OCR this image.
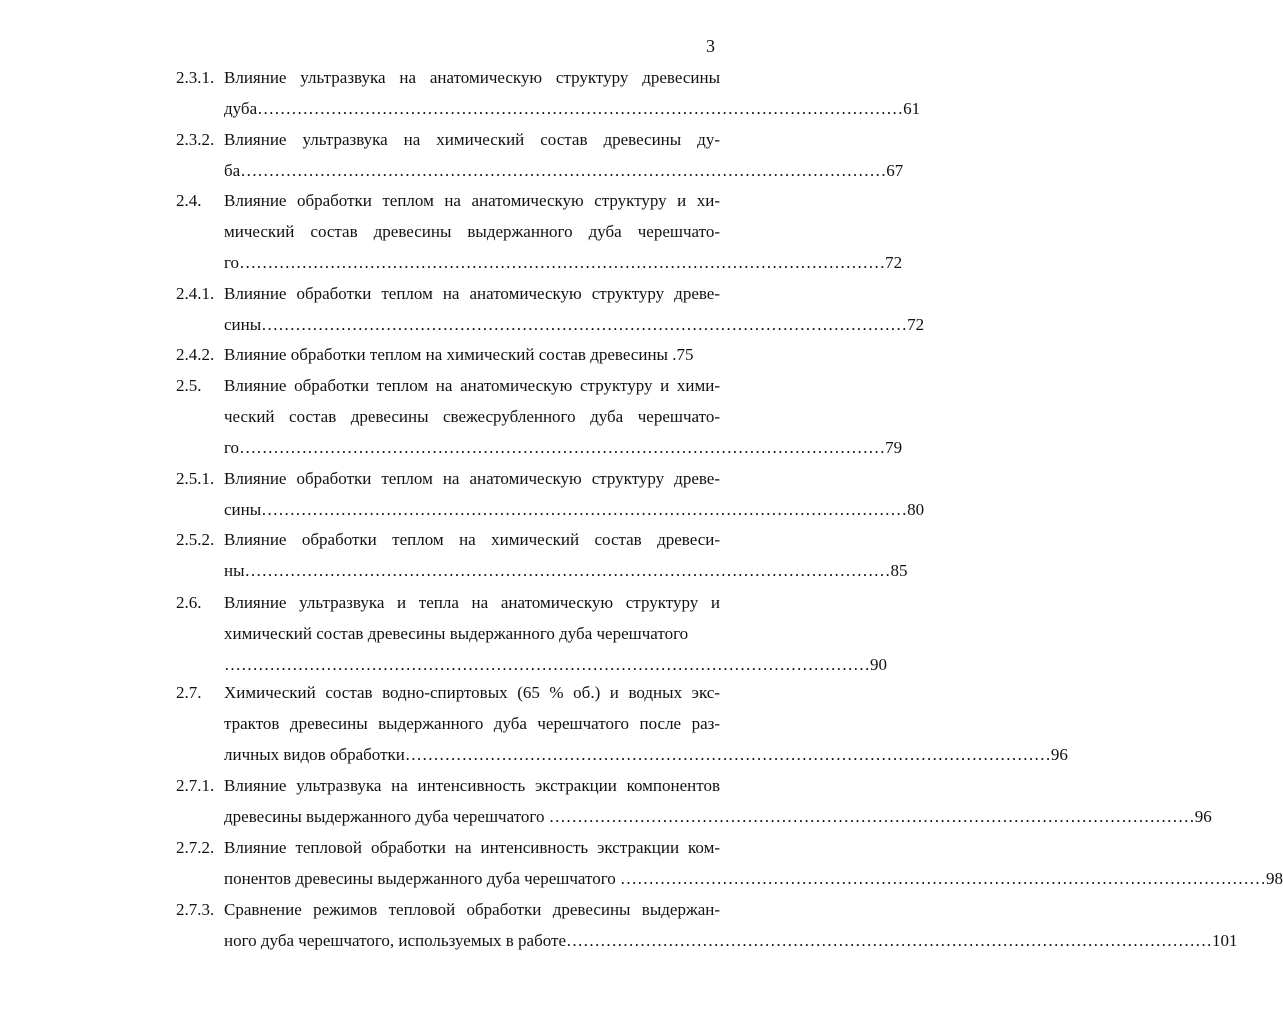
3
2.3.1. Влияние ультразвука на анатомическую структуру древесины
дуба …………………………………………………………………………………………………… 61
2.3.2. Влияние ультразвука на химический состав древесины ду-
ба …………………………………………………………………………………………………… 67
2.4. Влияние обработки теплом на анатомическую структуру и хи-
мический состав древесины выдержанного дуба черешчато-
го …………………………………………………………………………………………………… 72
2.4.1. Влияние обработки теплом на анатомическую структуру древе-
сины …………………………………………………………………………………………………… 72
2.4.2. Влияние обработки теплом на химический состав древесины . 75
2.5. Влияние обработки теплом на анатомическую структуру и хими-
ческий состав древесины свежесрубленного дуба черешчато-
го …………………………………………………………………………………………………… 79
2.5.1. Влияние обработки теплом на анатомическую структуру древе-
сины …………………………………………………………………………………………………… 80
2.5.2. Влияние обработки теплом на химический состав древеси-
ны …………………………………………………………………………………………………… 85
2.6. Влияние ультразвука и тепла на анатомическую структуру и
химический состав древесины выдержанного дуба черешчатого
…………………………………………………………………………………………………… 90
2.7. Химический состав водно-спиртовых (65 % об.) и водных экс-
трактов древесины выдержанного дуба черешчатого после раз-
личных видов обработки …………………………………………………………………………………………………… 96
2.7.1. Влияние ультразвука на интенсивность экстракции компонентов
древесины выдержанного дуба черешчатого …………………………………………………………………………………………………… 96
2.7.2. Влияние тепловой обработки на интенсивность экстракции ком-
понентов древесины выдержанного дуба черешчатого …………………………………………………………………………………………………… 98
2.7.3. Сравнение режимов тепловой обработки древесины выдержан-
ного дуба черешчатого, используемых в работе …………………………………………………………………………………………………… 101
